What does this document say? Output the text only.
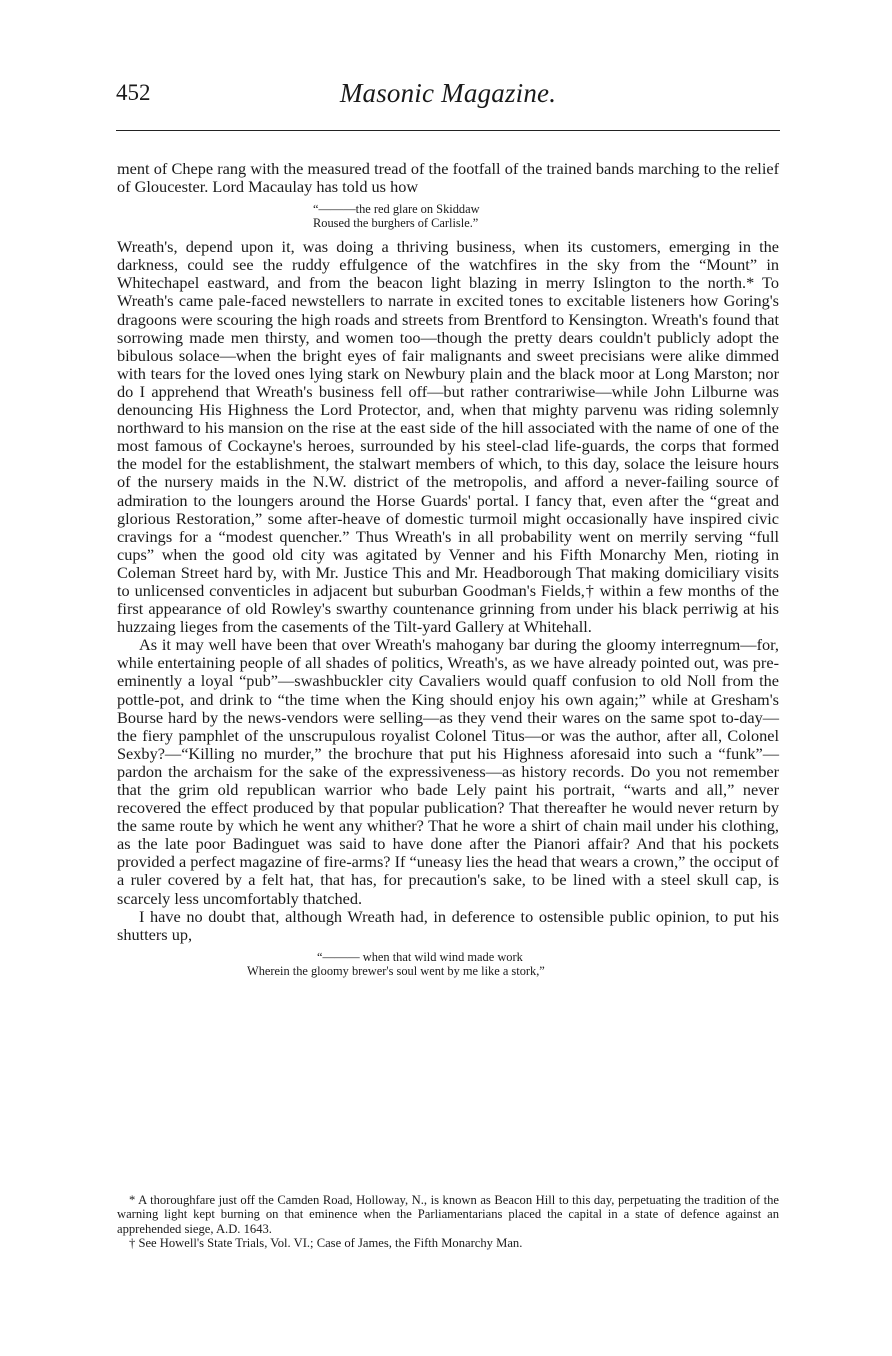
452	Masonic Magazine.

ment of Chepe rang with the measured tread of the footfall of the trained bands marching to the relief of Gloucester. Lord Macaulay has told us how

“———the red glare on Skiddaw
Roused the burghers of Carlisle.”

Wreath's, depend upon it, was doing a thriving business, when its customers, emerging in the darkness, could see the ruddy effulgence of the watchfires in the sky from the “Mount” in Whitechapel eastward, and from the beacon light blazing in merry Islington to the north.* To Wreath's came pale-faced newstellers to narrate in excited tones to excitable listeners how Goring's dragoons were scouring the high roads and streets from Brentford to Kensington. Wreath's found that sorrowing made men thirsty, and women too—though the pretty dears couldn't publicly adopt the bibulous solace—when the bright eyes of fair malignants and sweet precisians were alike dimmed with tears for the loved ones lying stark on Newbury plain and the black moor at Long Marston; nor do I apprehend that Wreath's business fell off—but rather contrariwise—while John Lilburne was denouncing His Highness the Lord Protector, and, when that mighty parvenu was riding solemnly northward to his mansion on the rise at the east side of the hill associated with the name of one of the most famous of Cockayne's heroes, surrounded by his steel-clad life-guards, the corps that formed the model for the establishment, the stalwart members of which, to this day, solace the leisure hours of the nursery maids in the N.W. district of the metropolis, and afford a never-failing source of admiration to the loungers around the Horse Guards' portal. I fancy that, even after the “great and glorious Restoration,” some after-heave of domestic turmoil might occasionally have inspired civic cravings for a “modest quencher.” Thus Wreath's in all probability went on merrily serving “full cups” when the good old city was agitated by Venner and his Fifth Monarchy Men, rioting in Coleman Street hard by, with Mr. Justice This and Mr. Headborough That making domiciliary visits to unlicensed conventicles in adjacent but suburban Goodman's Fields,† within a few months of the first appearance of old Rowley's swarthy countenance grinning from under his black perriwig at his huzzaing lieges from the casements of the Tilt-yard Gallery at Whitehall.

As it may well have been that over Wreath's mahogany bar during the gloomy interregnum—for, while entertaining people of all shades of politics, Wreath's, as we have already pointed out, was pre-eminently a loyal “pub”—swashbuckler city Cavaliers would quaff confusion to old Noll from the pottle-pot, and drink to “the time when the King should enjoy his own again;” while at Gresham's Bourse hard by the news-vendors were selling—as they vend their wares on the same spot to-day—the fiery pamphlet of the unscrupulous royalist Colonel Titus—or was the author, after all, Colonel Sexby?—“Killing no murder,” the brochure that put his Highness aforesaid into such a “funk”—pardon the archaism for the sake of the expressiveness—as history records. Do you not remember that the grim old republican warrior who bade Lely paint his portrait, “warts and all,” never recovered the effect produced by that popular publication? That thereafter he would never return by the same route by which he went any whither? That he wore a shirt of chain mail under his clothing, as the late poor Badinguet was said to have done after the Pianori affair? And that his pockets provided a perfect magazine of fire-arms? If “uneasy lies the head that wears a crown,” the occiput of a ruler covered by a felt hat, that has, for precaution's sake, to be lined with a steel skull cap, is scarcely less uncomfortably thatched.

I have no doubt that, although Wreath had, in deference to ostensible public opinion, to put his shutters up,

“——— when that wild wind made work
Wherein the gloomy brewer's soul went by me like a stork,”

* A thoroughfare just off the Camden Road, Holloway, N., is known as Beacon Hill to this day, perpetuating the tradition of the warning light kept burning on that eminence when the Parliamentarians placed the capital in a state of defence against an apprehended siege, A.D. 1643.

† See Howell's State Trials, Vol. VI.; Case of James, the Fifth Monarchy Man.
